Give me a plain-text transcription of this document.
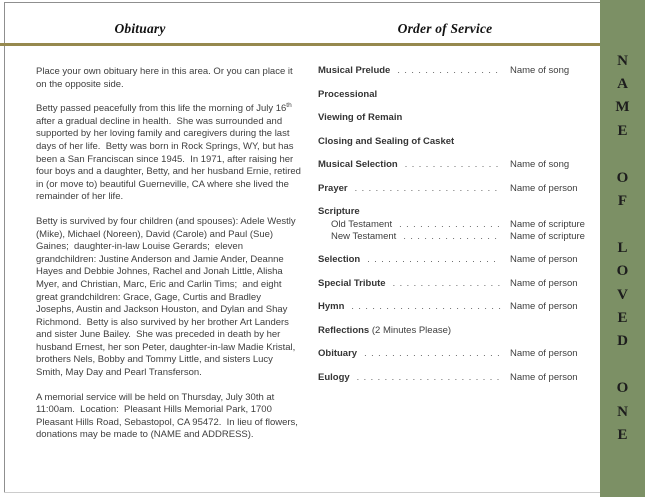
Obituary	Order of Service

Place your own obituary here in this area. Or you can place it on the opposite side.

Betty passed peacefully from this life the morning of July 16th after a gradual decline in health.  She was surrounded and supported by her loving family and caregivers during the last days of her life.  Betty was born in Rock Springs, WY, but has been a San Franciscan since 1945.  In 1971, after raising her four boys and a daughter, Betty, and her husband Ernie, retired in (or move to) beautiful Guerneville, CA where she lived the remainder of her life.

Betty is survived by four children (and spouses): Adele Westly (Mike), Michael (Noreen), David (Carole) and Paul (Sue) Gaines;  daughter-in-law Louise Gerards;  eleven grandchildren: Justine Anderson and Jamie Ander, Deanne Hayes and Debbie Johnes, Rachel and Jonah Little, Alisha Myer, and Christian, Marc, Eric and Carlin Tims;  and eight great grandchildren: Grace, Gage, Curtis and Bradley Josephs, Austin and Jackson Houston, and Dylan and Shay Richmond.  Betty is also survived by her brother Art Landers and sister June Bailey.  She was preceded in death by her husband Ernest, her son Peter, daughter-in-law Madie Kristal, brothers Nels, Bobby and Tommy Little, and sisters Lucy Smith, May Day and Pearl Transferson.

A memorial service will be held on Thursday, July 30th at 11:00am.  Location:  Pleasant Hills Memorial Park, 1700 Pleasant Hills Road, Sebastopol, CA 95472.  In lieu of flowers, donations may be made to (NAME and ADDRESS).

Musical Prelude . . .	Name of song
Processional
Viewing of Remain
Closing and Sealing of Casket
Musical Selection . . .	Name of song
Prayer . . .	Name of person
Scripture
Old Testament . . .	Name of scripture
New Testament . . .	Name of scripture
Selection . . .	Name of person
Special Tribute . . .	Name of person
Hymn . . .	Name of person
Reflections (2 Minutes Please)
Obituary . . .	Name of person
Eulogy . . .	Name of person
N
A
M
E

O
F

L
O
V
E
D

O
N
E
